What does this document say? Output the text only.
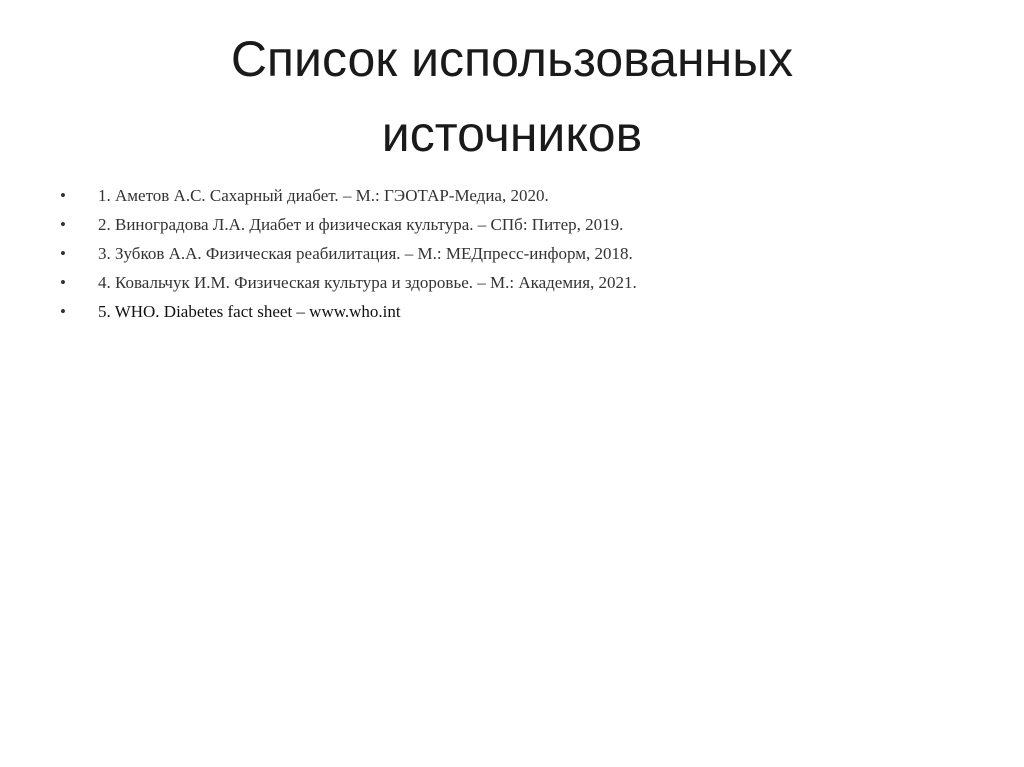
Список использованных
источников
• 1. Аметов А.С. Сахарный диабет. – М.: ГЭОТАР-Медиа, 2020.
• 2. Виноградова Л.А. Диабет и физическая культура. – СПб: Питер, 2019.
• 3. Зубков А.А. Физическая реабилитация. – М.: МЕДпресс-информ, 2018.
• 4. Ковальчук И.М. Физическая культура и здоровье. – М.: Академия, 2021.
• 5. WHO. Diabetes fact sheet – www.who.int
